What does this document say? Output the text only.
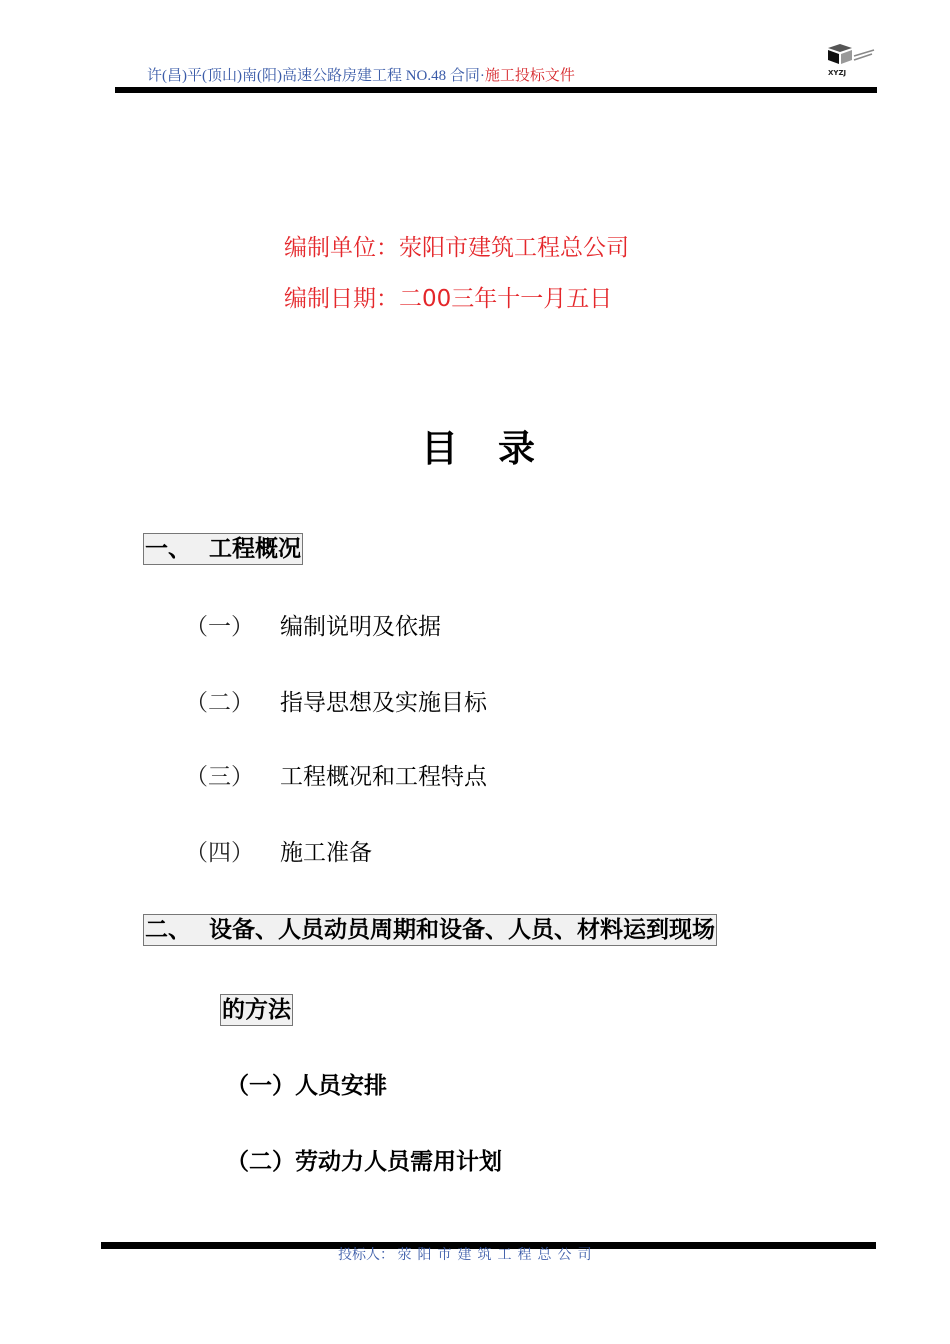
许(昌)平(顶山)南(阳)高速公路房建工程 NO.48 合同·施工投标文件	XYZJ
编制单位：荥阳市建筑工程总公司
编制日期：二00三年十一月五日
目 录
一、 工程概况
（一） 编制说明及依据
（二） 指导思想及实施目标
（三） 工程概况和工程特点
（四） 施工准备
二、 设备、人员动员周期和设备、人员、材料运到现场
的方法
（一）人员安排
（二）劳动力人员需用计划
投标人： 荥阳市建筑工程总公司
